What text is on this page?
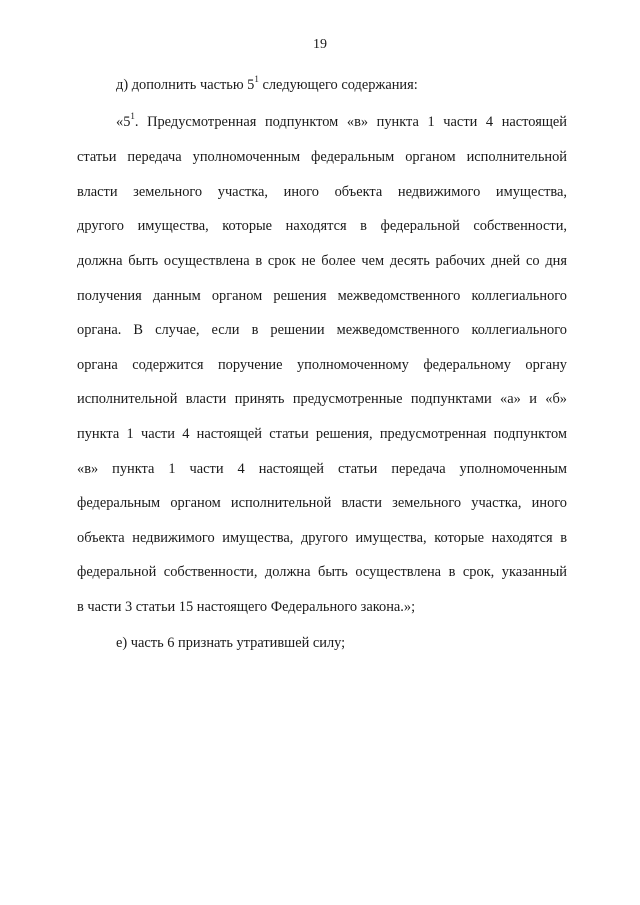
19
д) дополнить частью $5^1$ следующего содержания:
«$5^1$. Предусмотренная подпунктом «в» пункта 1 части 4 настоящей
статьи передача уполномоченным федеральным органом исполнительной
власти земельного участка, иного объекта недвижимого имущества,
другого имущества, которые находятся в федеральной собственности,
должна быть осуществлена в срок не более чем десять рабочих дней со дня
получения данным органом решения межведомственного коллегиального
органа. В случае, если в решении межведомственного коллегиального
органа содержится поручение уполномоченному федеральному органу
исполнительной власти принять предусмотренные подпунктами «а» и «б»
пункта 1 части 4 настоящей статьи решения, предусмотренная подпунктом
«в» пункта 1 части 4 настоящей статьи передача уполномоченным
федеральным органом исполнительной власти земельного участка, иного
объекта недвижимого имущества, другого имущества, которые находятся в
федеральной собственности, должна быть осуществлена в срок, указанный
в части 3 статьи 15 настоящего Федерального закона.»;
е) часть 6 признать утратившей силу;
